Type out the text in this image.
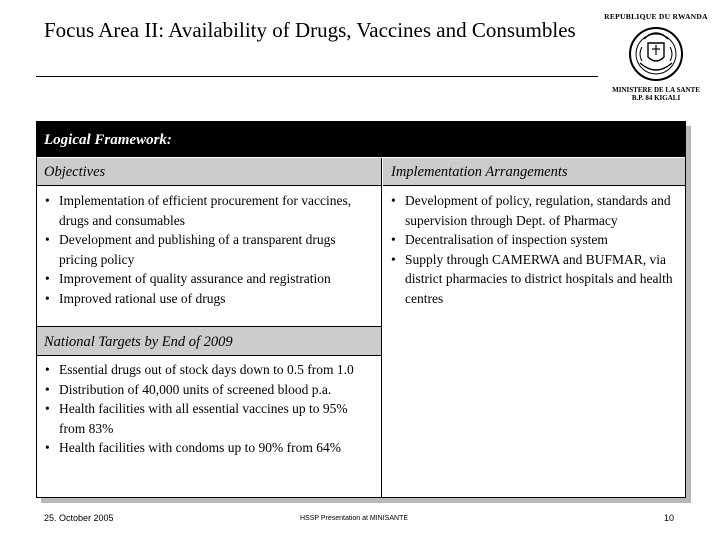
Focus Area II: Availability of Drugs, Vaccines and Consumbles
REPUBLIQUE DU RWANDA
MINISTERE DE LA SANTE
B.P. 84 KIGALI
Logical Framework:
Objectives	Implementation Arrangements
• Implementation of efficient procurement for vaccines, drugs and consumables
• Development and publishing of a transparent drugs pricing policy
• Improvement of quality assurance and registration
• Improved rational use of drugs
• Development of policy, regulation, standards and supervision through Dept. of Pharmacy
• Decentralisation of inspection system
• Supply through CAMERWA and BUFMAR, via district pharmacies to district hospitals and health centres
National Targets by End of 2009
• Essential drugs out of stock days down to 0.5 from 1.0
• Distribution of 40,000 units of screened blood p.a.
• Health facilities with all essential vaccines up to 95% from 83%
• Health facilities with condoms up to 90% from 64%
25. October 2005	HSSP Presentation at MINISANTE	10
